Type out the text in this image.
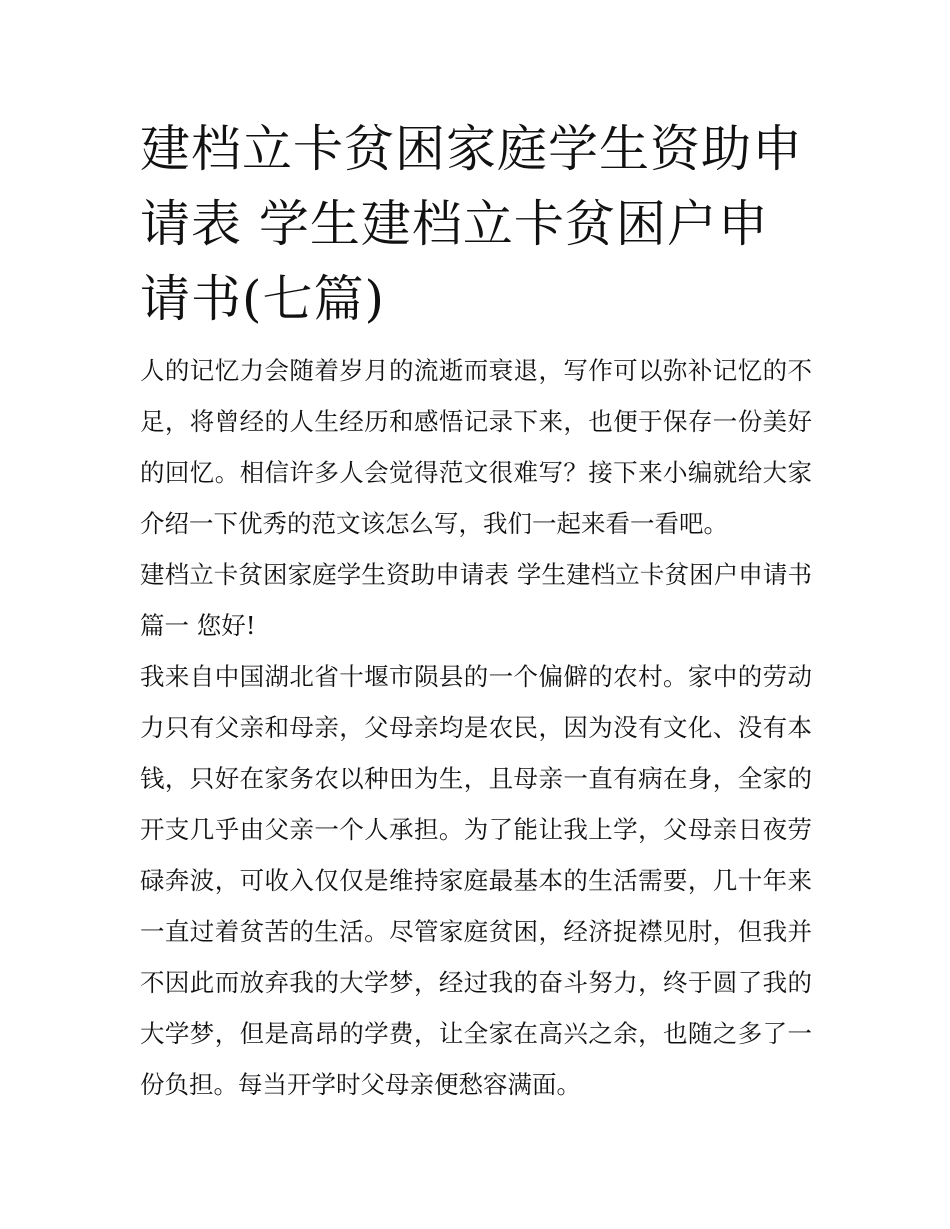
建档立卡贫困家庭学生资助申请表 学生建档立卡贫困户申请书(七篇)

人的记忆力会随着岁月的流逝而衰退，写作可以弥补记忆的不足，将曾经的人生经历和感悟记录下来，也便于保存一份美好的回忆。相信许多人会觉得范文很难写？接下来小编就给大家介绍一下优秀的范文该怎么写，我们一起来看一看吧。

建档立卡贫困家庭学生资助申请表 学生建档立卡贫困户申请书篇一 您好!

我来自中国湖北省十堰市陨县的一个偏僻的农村。家中的劳动力只有父亲和母亲，父母亲均是农民，因为没有文化、没有本钱，只好在家务农以种田为生，且母亲一直有病在身，全家的开支几乎由父亲一个人承担。为了能让我上学，父母亲日夜劳碌奔波，可收入仅仅是维持家庭最基本的生活需要，几十年来一直过着贫苦的生活。尽管家庭贫困，经济捉襟见肘，但我并不因此而放弃我的大学梦，经过我的奋斗努力，终于圆了我的大学梦，但是高昂的学费，让全家在高兴之余，也随之多了一份负担。每当开学时父母亲便愁容满面。
